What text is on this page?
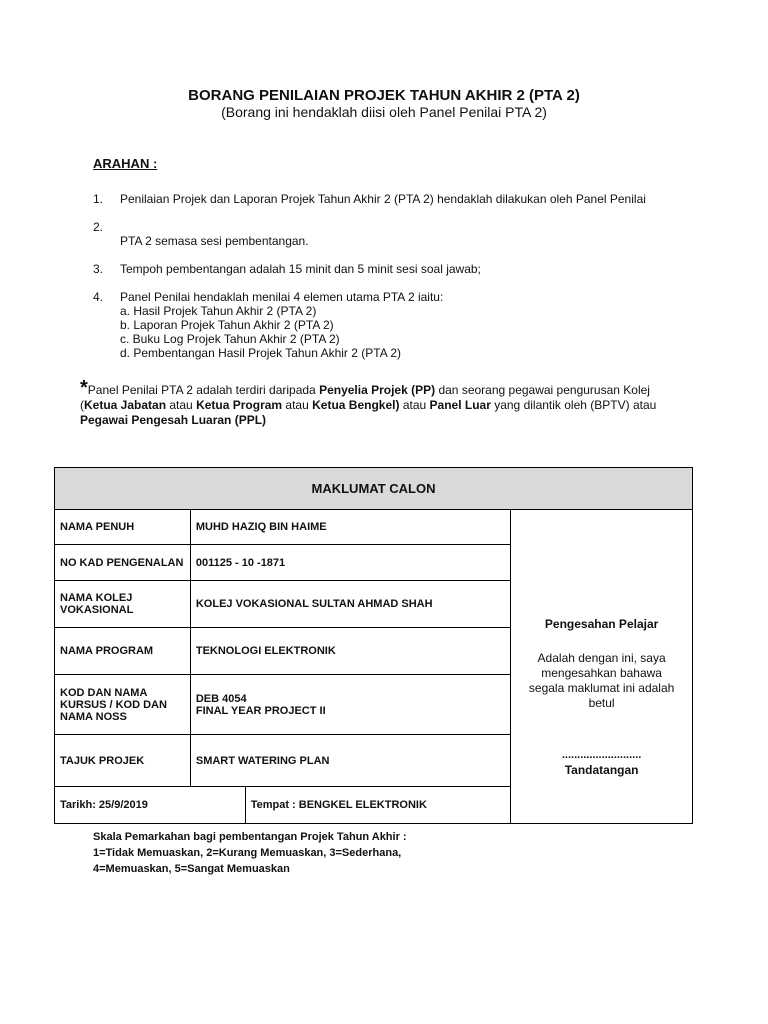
BORANG PENILAIAN PROJEK TAHUN AKHIR 2 (PTA 2)
(Borang ini hendaklah diisi oleh Panel Penilai PTA 2)
ARAHAN :
1. Penilaian Projek dan Laporan Projek Tahun Akhir 2 (PTA 2) hendaklah dilakukan oleh Panel Penilai
2.
PTA 2 semasa sesi pembentangan.
3. Tempoh pembentangan adalah 15 minit dan 5 minit sesi soal jawab;
4. Panel Penilai hendaklah menilai 4 elemen utama PTA 2 iaitu:
a. Hasil Projek Tahun Akhir 2 (PTA 2)
b. Laporan Projek Tahun Akhir 2 (PTA 2)
c. Buku Log Projek Tahun Akhir 2 (PTA 2)
d. Pembentangan Hasil Projek Tahun Akhir 2 (PTA 2)
*Panel Penilai PTA 2 adalah terdiri daripada Penyelia Projek (PP) dan seorang pegawai pengurusan Kolej (Ketua Jabatan atau Ketua Program atau Ketua Bengkel) atau Panel Luar yang dilantik oleh (BPTV) atau Pegawai Pengesah Luaran (PPL)
MAKLUMAT CALON			
NAMA PENUH	MUHD HAZIQ BIN HAIME		Pengesahan Pelajar
Adalah dengan ini, saya mengesahkan bahawa segala maklumat ini adalah betul
..........................
Tandatangan

NO KAD PENGENALAN	001125 - 10 -1871		
NAMA KOLEJ VOKASIONAL	KOLEJ VOKASIONAL SULTAN AHMAD SHAH		
NAMA PROGRAM	TEKNOLOGI ELEKTRONIK		
KOD DAN NAMA KURSUS / KOD DAN NAMA NOSS	DEB 4054
FINAL YEAR PROJECT II		

TAJUK PROJEK	SMART WATERING PLAN		
Tarikh: 25/9/2019		Tempat : BENGKEL ELEKTRONIK	
Skala Pemarkahan bagi pembentangan Projek Tahun Akhir :
1=Tidak Memuaskan, 2=Kurang Memuaskan, 3=Sederhana,
4=Memuaskan, 5=Sangat Memuaskan
